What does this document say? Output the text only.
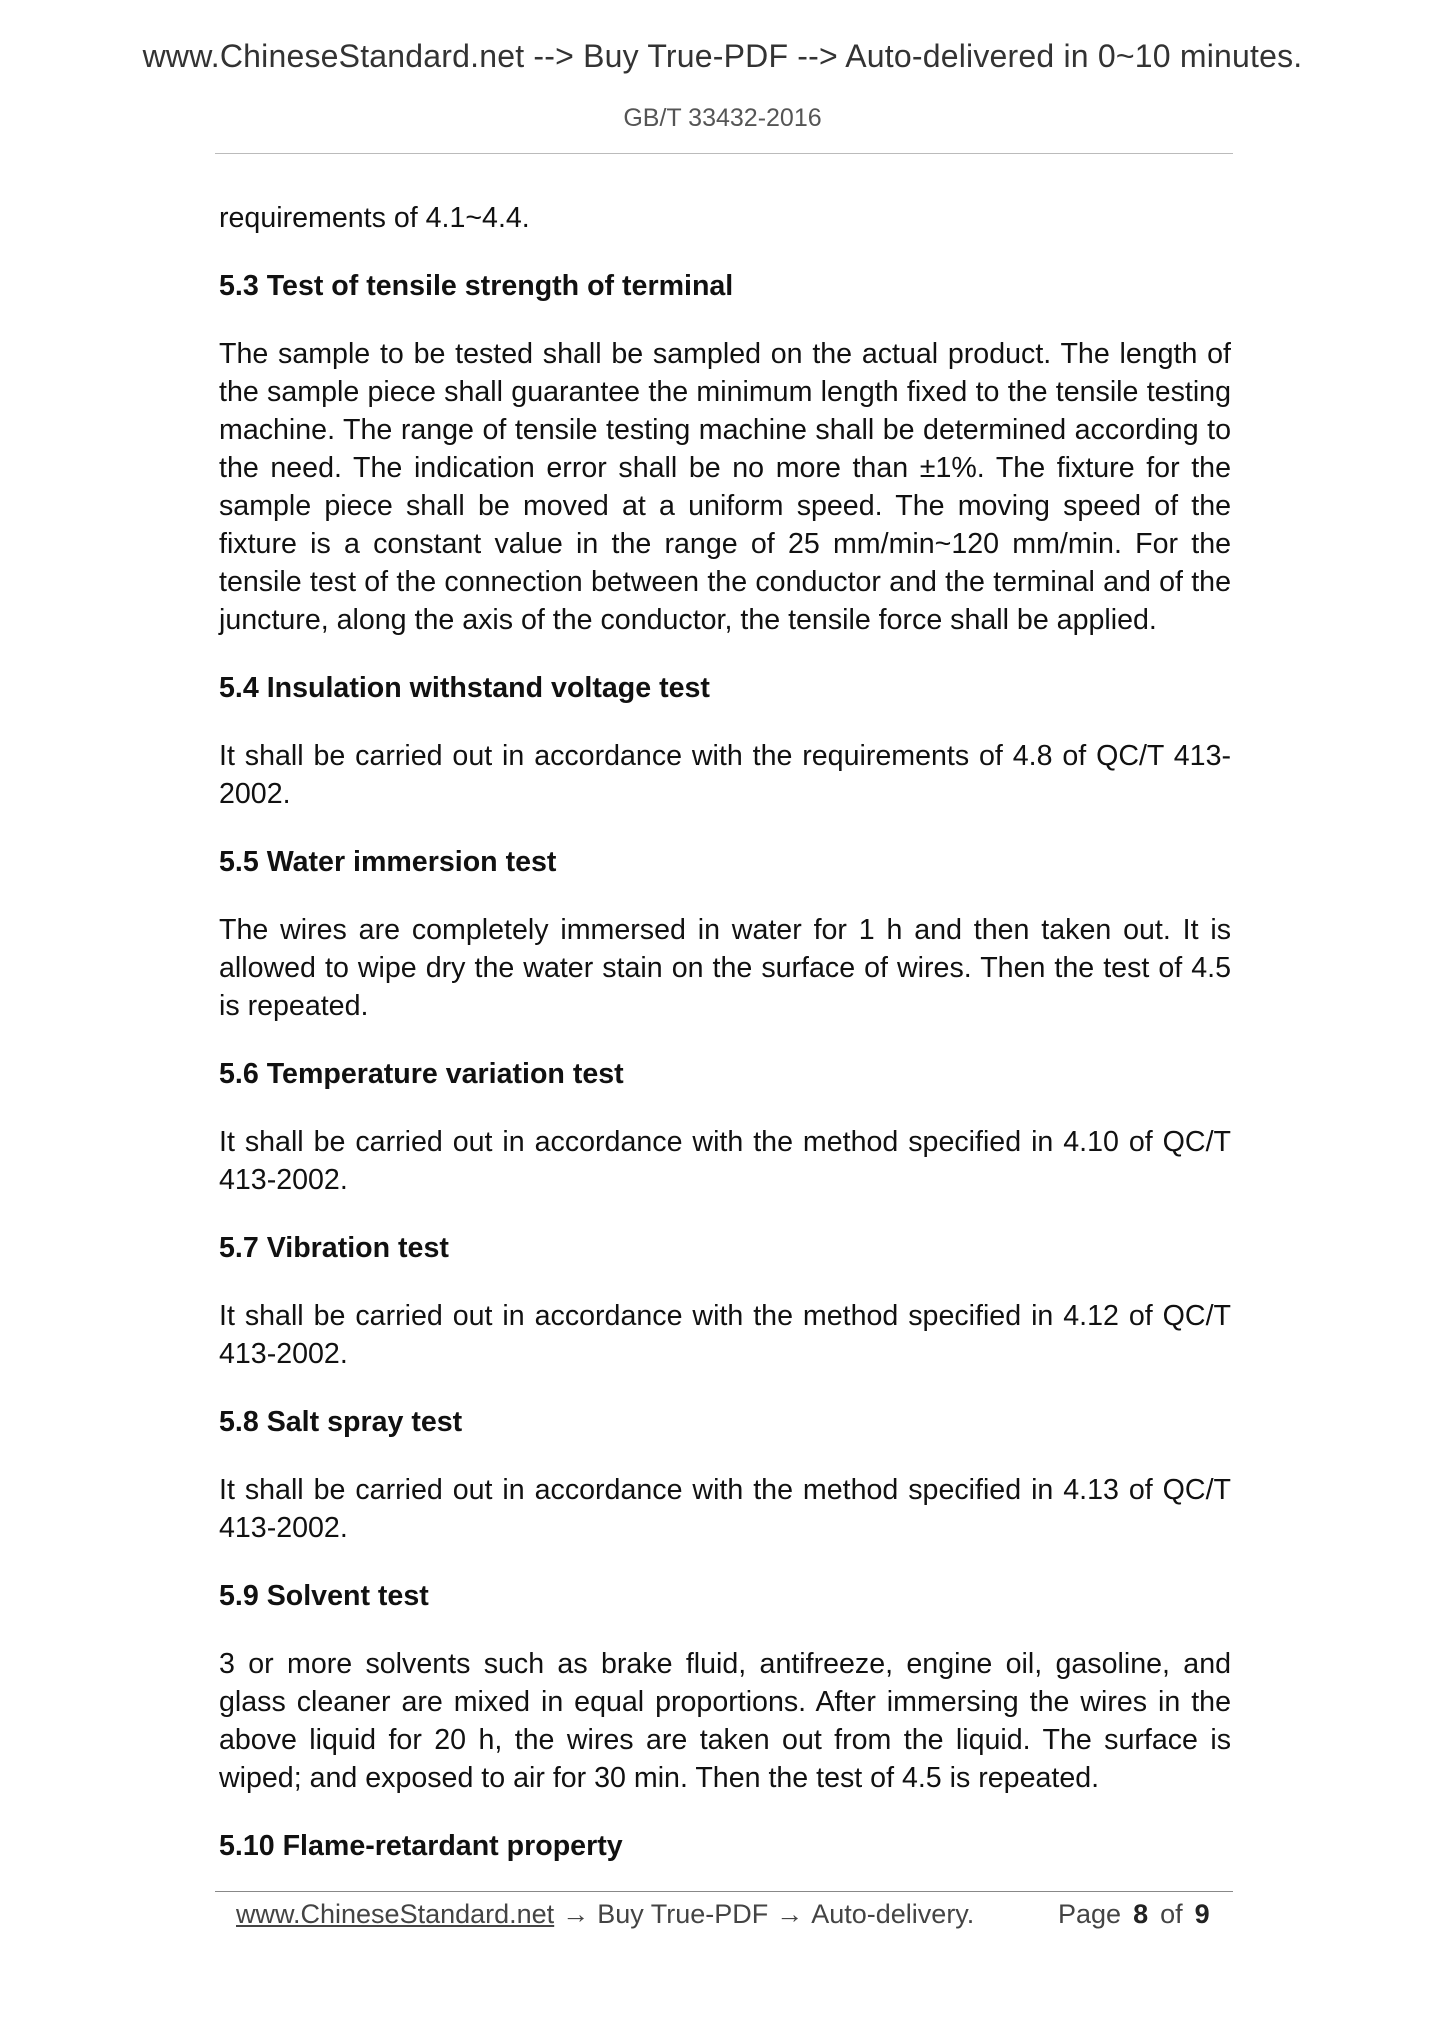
www.ChineseStandard.net --> Buy True-PDF --> Auto-delivered in 0~10 minutes.
GB/T 33432-2016

requirements of 4.1~4.4.

5.3 Test of tensile strength of terminal

The sample to be tested shall be sampled on the actual product. The length of the sample piece shall guarantee the minimum length fixed to the tensile testing machine. The range of tensile testing machine shall be determined according to the need. The indication error shall be no more than ±1%. The fixture for the sample piece shall be moved at a uniform speed. The moving speed of the fixture is a constant value in the range of 25 mm/min~120 mm/min. For the tensile test of the connection between the conductor and the terminal and of the juncture, along the axis of the conductor, the tensile force shall be applied.

5.4 Insulation withstand voltage test

It shall be carried out in accordance with the requirements of 4.8 of QC/T 413-2002.

5.5 Water immersion test

The wires are completely immersed in water for 1 h and then taken out. It is allowed to wipe dry the water stain on the surface of wires. Then the test of 4.5 is repeated.

5.6 Temperature variation test

It shall be carried out in accordance with the method specified in 4.10 of QC/T 413-2002.

5.7 Vibration test

It shall be carried out in accordance with the method specified in 4.12 of QC/T 413-2002.

5.8 Salt spray test

It shall be carried out in accordance with the method specified in 4.13 of QC/T 413-2002.

5.9 Solvent test

3 or more solvents such as brake fluid, antifreeze, engine oil, gasoline, and glass cleaner are mixed in equal proportions. After immersing the wires in the above liquid for 20 h, the wires are taken out from the liquid. The surface is wiped; and exposed to air for 30 min. Then the test of 4.5 is repeated.

5.10 Flame-retardant property
www.ChineseStandard.net → Buy True-PDF → Auto-delivery.	Page 8 of 9
